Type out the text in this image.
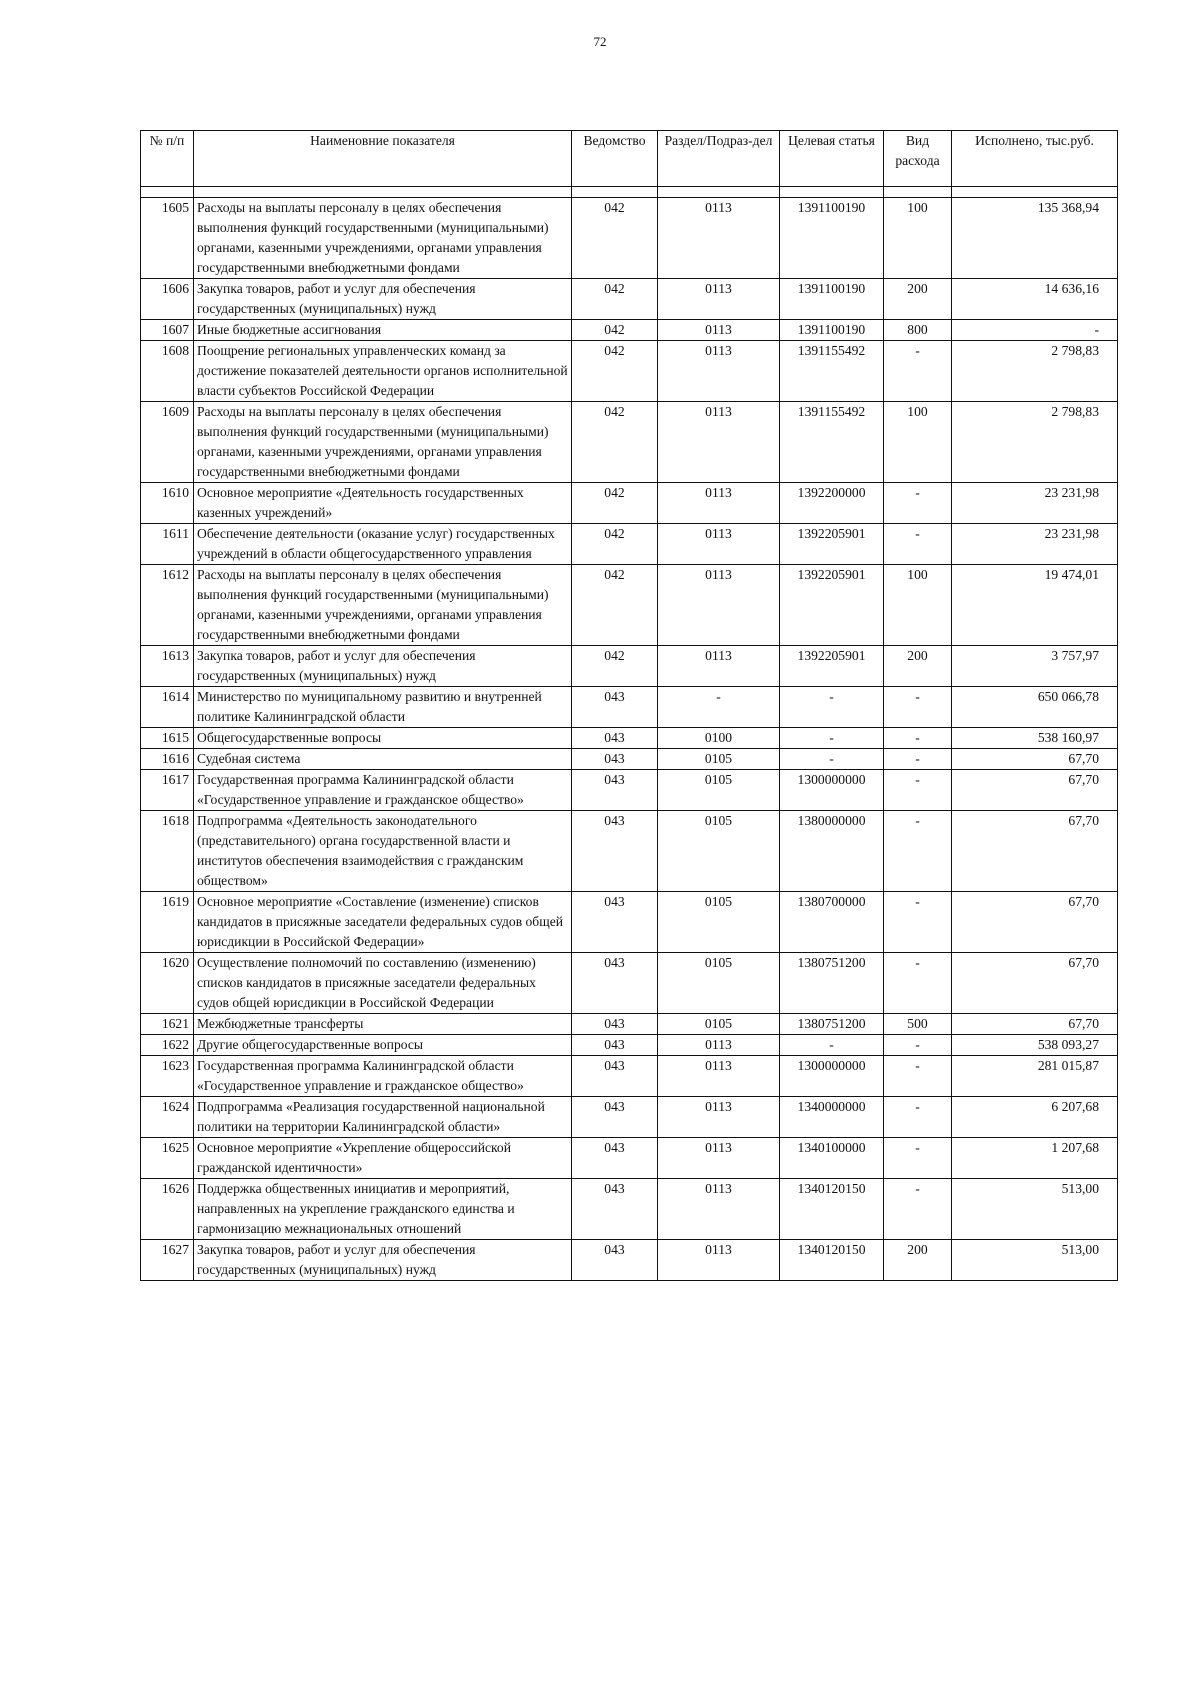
72
№ п/п	Наименовние показателя	Ведомство	Раздел/Подраз-дел	Целевая статья	Вид расхода	Исполнено, тыс.руб.

1605	Расходы на выплаты персоналу в целях обеспечения выполнения функций государственными (муниципальными) органами, казенными учреждениями, органами управления государственными внебюджетными фондами	042	0113	1391100190	100	135 368,94
1606	Закупка товаров, работ и услуг для обеспечения государственных (муниципальных) нужд	042	0113	1391100190	200	14 636,16
1607	Иные бюджетные ассигнования	042	0113	1391100190	800	-
1608	Поощрение региональных управленческих команд за достижение показателей деятельности органов исполнительной власти субъектов Российской Федерации	042	0113	1391155492	-	2 798,83
1609	Расходы на выплаты персоналу в целях обеспечения выполнения функций государственными (муниципальными) органами, казенными учреждениями, органами управления государственными внебюджетными фондами	042	0113	1391155492	100	2 798,83
1610	Основное мероприятие «Деятельность государственных казенных учреждений»	042	0113	1392200000	-	23 231,98
1611	Обеспечение деятельности (оказание услуг) государственных учреждений в области общегосударственного управления	042	0113	1392205901	-	23 231,98
1612	Расходы на выплаты персоналу в целях обеспечения выполнения функций государственными (муниципальными) органами, казенными учреждениями, органами управления государственными внебюджетными фондами	042	0113	1392205901	100	19 474,01
1613	Закупка товаров, работ и услуг для обеспечения государственных (муниципальных) нужд	042	0113	1392205901	200	3 757,97
1614	Министерство по муниципальному развитию и внутренней политике Калининградской области	043	-	-	-	650 066,78
1615	Общегосударственные вопросы	043	0100	-	-	538 160,97
1616	Судебная система	043	0105	-	-	67,70
1617	Государственная программа Калининградской области «Государственное управление и гражданское общество»	043	0105	1300000000	-	67,70
1618	Подпрограмма «Деятельность законодательного (представительного) органа государственной власти и институтов обеспечения взаимодействия с гражданским обществом»	043	0105	1380000000	-	67,70
1619	Основное мероприятие «Составление (изменение) списков кандидатов в присяжные заседатели федеральных судов общей юрисдикции в Российской Федерации»	043	0105	1380700000	-	67,70
1620	Осуществление полномочий по составлению (изменению) списков кандидатов в присяжные заседатели федеральных судов общей юрисдикции в Российской Федерации	043	0105	1380751200	-	67,70
1621	Межбюджетные трансферты	043	0105	1380751200	500	67,70
1622	Другие общегосударственные вопросы	043	0113	-	-	538 093,27
1623	Государственная программа Калининградской области «Государственное управление и гражданское общество»	043	0113	1300000000	-	281 015,87
1624	Подпрограмма «Реализация государственной национальной политики на территории Калининградской области»	043	0113	1340000000	-	6 207,68
1625	Основное мероприятие «Укрепление общероссийской гражданской идентичности»	043	0113	1340100000	-	1 207,68
1626	Поддержка общественных инициатив и мероприятий, направленных на укрепление гражданского единства и гармонизацию межнациональных отношений	043	0113	1340120150	-	513,00
1627	Закупка товаров, работ и услуг для обеспечения государственных (муниципальных) нужд	043	0113	1340120150	200	513,00
